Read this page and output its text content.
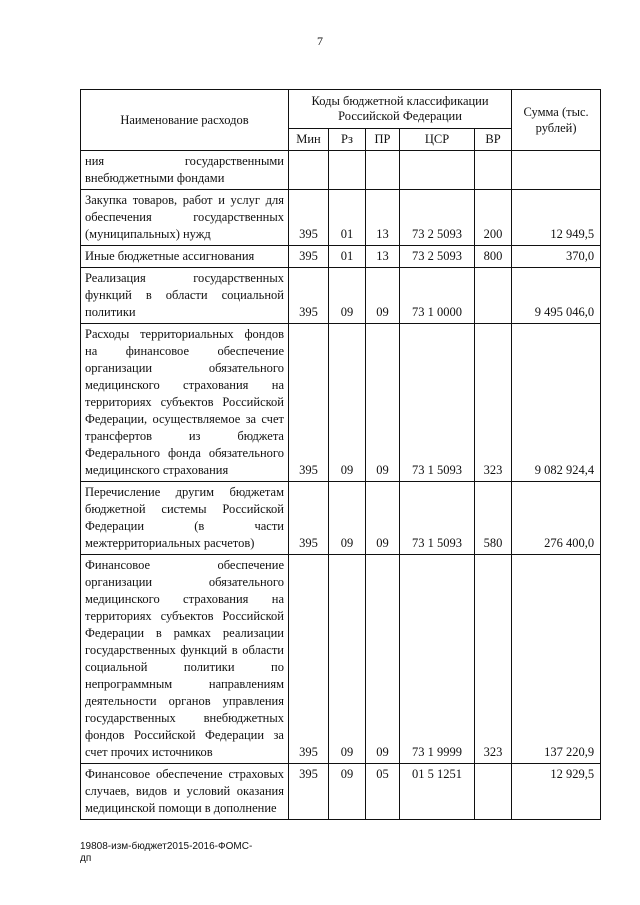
7
Наименование расходов	Коды бюджетной классификации Российской Федерации					Сумма (тыс. рублей)
	Мин	Рз	ПР	ЦСР	ВР	
ния государственными внебюджетными фондами						
Закупка товаров, работ и услуг для обеспечения государственных (муниципальных) нужд	395	01	13	73 2 5093	200	12 949,5
Иные бюджетные ассигнования	395	01	13	73 2 5093	800	370,0
Реализация государственных функций в области социальной политики	395	09	09	73 1 0000		9 495 046,0
Расходы территориальных фондов на финансовое обеспечение организации обязательного медицинского страхования на территориях субъектов Российской Федерации, осуществляемое за счет трансфертов из бюджета Федерального фонда обязательного медицинского страхования	395	09	09	73 1 5093	323	9 082 924,4
Перечисление другим бюджетам бюджетной системы Российской Федерации (в части межтерриториальных расчетов)	395	09	09	73 1 5093	580	276 400,0
Финансовое обеспечение организации обязательного медицинского страхования на территориях субъектов Российской Федерации в рамках реализации государственных функций в области социальной политики по непрограммным направлениям деятельности органов управления государственных внебюджетных фондов Российской Федерации за счет прочих источников	395	09	09	73 1 9999	323	137 220,9
Финансовое обеспечение страховых случаев, видов и условий оказания медицинской помощи в дополнение	395	09	05	01 5 1251		12 929,5
19808-изм-бюджет2015-2016-ФОМС-
дп
